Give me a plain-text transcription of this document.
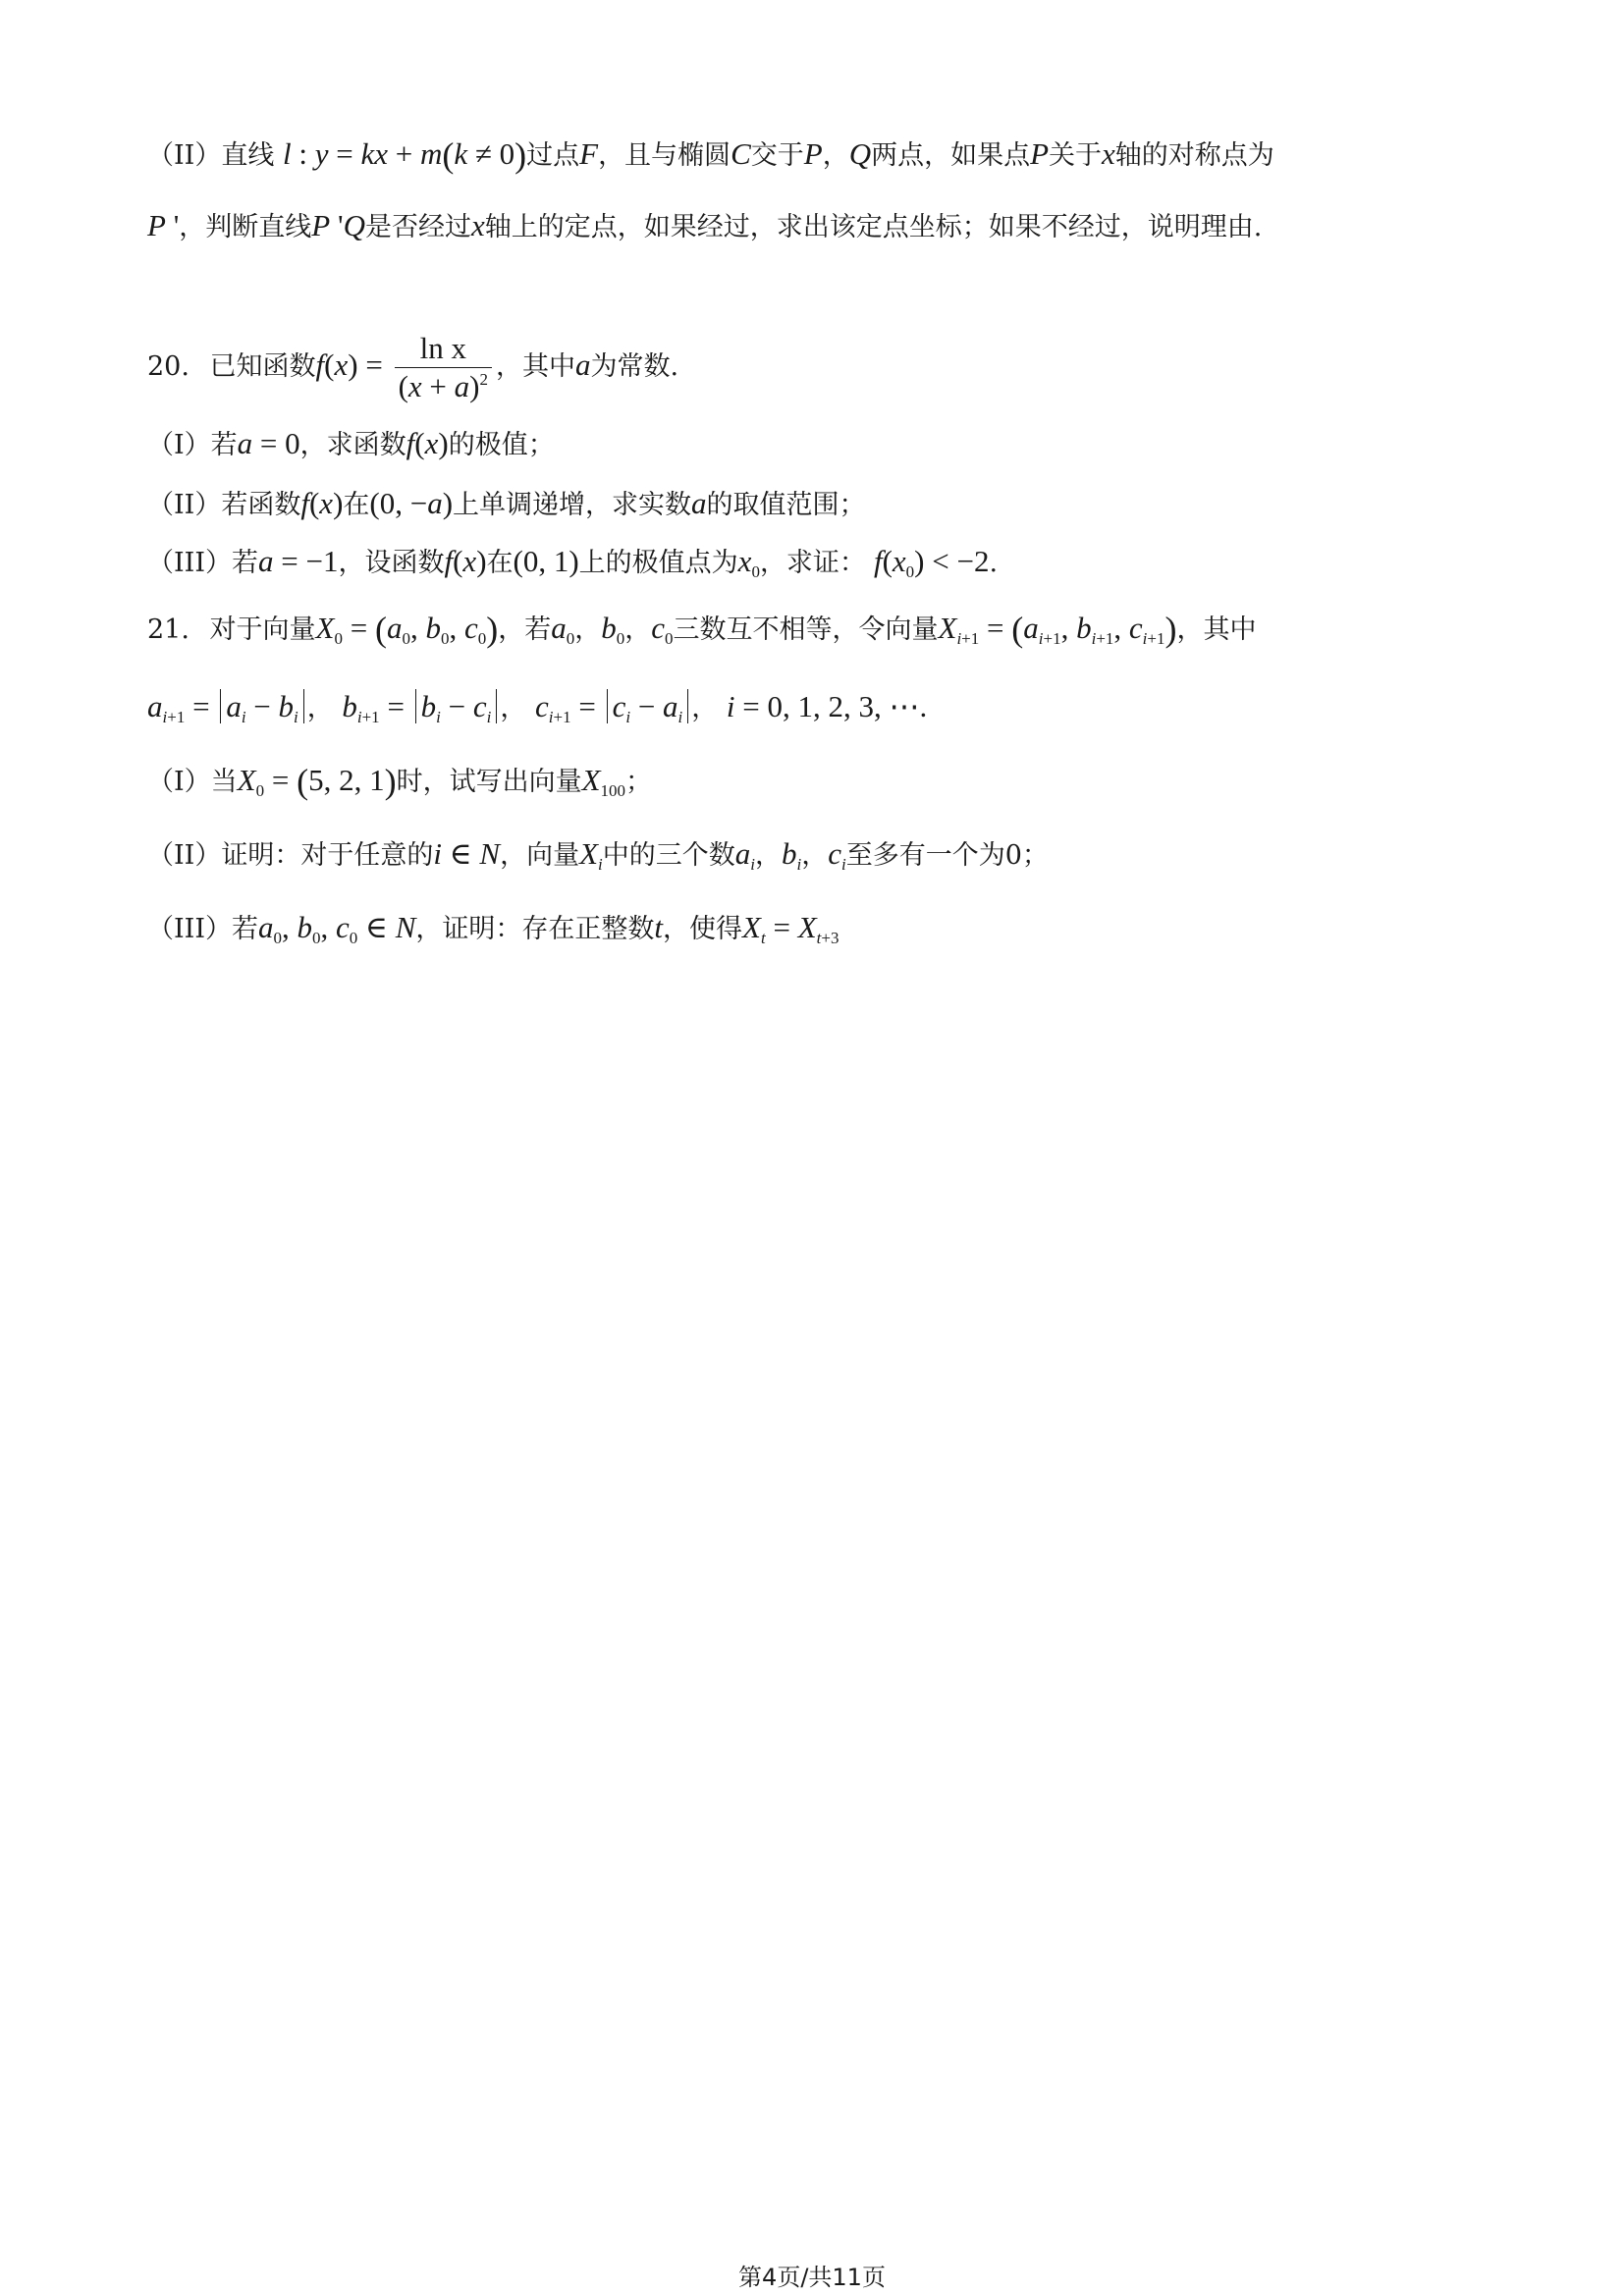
（II）直线 l : y = kx + m(k ≠ 0)过点F，且与椭圆C交于P，Q两点，如果点P关于x轴的对称点为
P '，判断直线P 'Q是否经过x轴上的定点，如果经过，求出该定点坐标；如果不经过，说明理由.
20. 已知函数$f(x) = \frac{\text{ln x}}{(x + a)^2}$ ，其中a为常数.
（I）若a = 0，求函数f(x)的极值；
（II）若函数f(x)在(0, −a)上单调递增，求实数a的取值范围；
（III）若a = −1，设函数f(x)在(0, 1)上的极值点为$x_0$，求证： $f(x_0) < -2$.
21. 对于向量$X_0 = (a_0$, $b_0$, $c_0$)，若$a_0$，$b_0$，$c_0$三数互不相等，令向量$X_{i+1} = (a_{i+1}$, $b_{i+1}$, $c_{i+1}$)，其中
$a_{i+1} = a_i - b_i$ ， $b_{i+1} = b_i - c_i$ ， $c_{i+1} = c_i - a_i$ ， i = 0, 1, 2, 3, ⋯.
（I）当$X_0 = (5$, 2, 1)时，试写出向量$X_{100}$；
（II）证明：对于任意的i ∈ N，向量$X_i$中的三个数$a_i$，$b_i$，$c_i$至多有一个为0；
（III）若$a_0$, $b_0$, $c_0$ ∈ N，证明：存在正整数t，使得$X_t = X_{t+3}$
第4页/共11页
